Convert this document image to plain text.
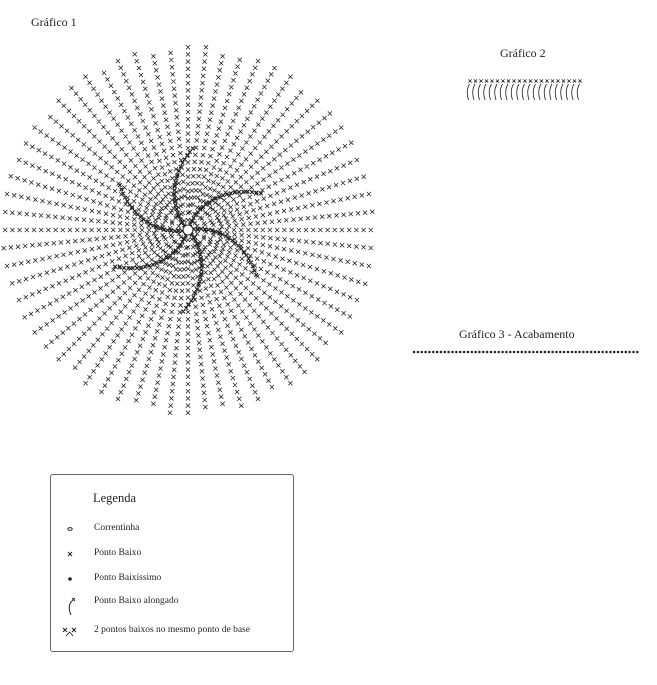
Gráfico 1
Gráfico 2
Gráfico 3 - Acabamento
Legenda
Correntinha
Ponto Baixo
Ponto Baixíssimo
Ponto Baixo alongado
2 pontos baixos no mesmo ponto de base
